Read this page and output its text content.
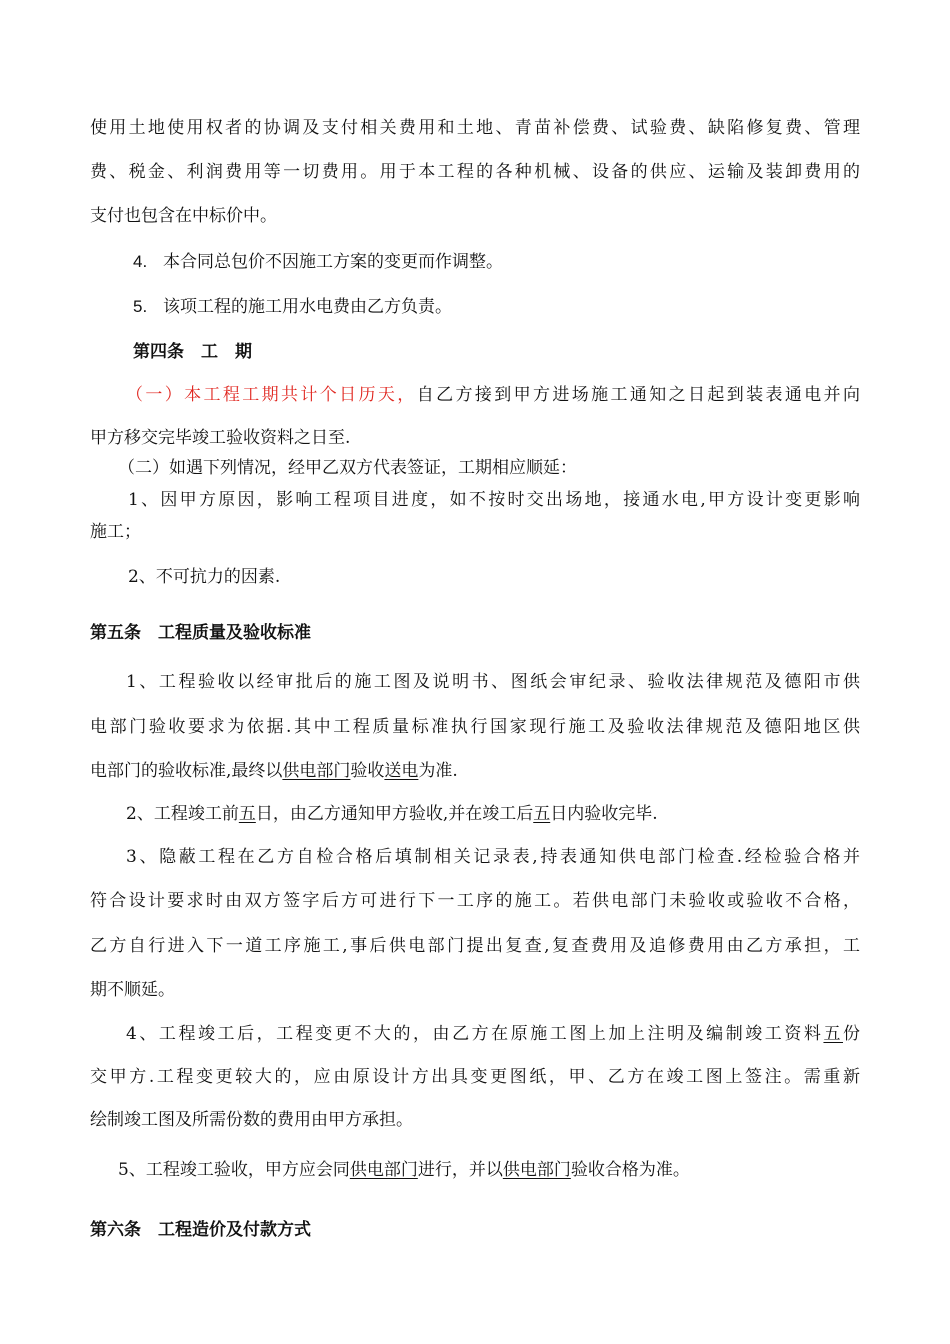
使用土地使用权者的协调及支付相关费用和土地、青苗补偿费、试验费、缺陷修复费、管理
费、税金、利润费用等一切费用。用于本工程的各种机械、设备的供应、运输及装卸费用的
支付也包含在中标价中。
4. 本合同总包价不因施工方案的变更而作调整。
5. 该项工程的施工用水电费由乙方负责。
第四条　工　期
（一）本工程工期共计个日历天，自乙方接到甲方进场施工通知之日起到装表通电并向
甲方移交完毕竣工验收资料之日至.
（二）如遇下列情况，经甲乙双方代表签证，工期相应顺延：
1、因甲方原因，影响工程项目进度，如不按时交出场地，接通水电,甲方设计变更影响
施工；
2、不可抗力的因素.
第五条　工程质量及验收标准
1、工程验收以经审批后的施工图及说明书、图纸会审纪录、验收法律规范及德阳市供
电部门验收要求为依据.其中工程质量标准执行国家现行施工及验收法律规范及德阳地区供
电部门的验收标准,最终以供电部门验收送电为准.
2、工程竣工前五日，由乙方通知甲方验收,并在竣工后五日内验收完毕.
3、隐蔽工程在乙方自检合格后填制相关记录表,持表通知供电部门检查.经检验合格并
符合设计要求时由双方签字后方可进行下一工序的施工。若供电部门未验收或验收不合格，
乙方自行进入下一道工序施工,事后供电部门提出复查,复查费用及追修费用由乙方承担，工
期不顺延。
4、工程竣工后，工程变更不大的，由乙方在原施工图上加上注明及编制竣工资料五份
交甲方.工程变更较大的，应由原设计方出具变更图纸，甲、乙方在竣工图上签注。需重新
绘制竣工图及所需份数的费用由甲方承担。
5、工程竣工验收，甲方应会同供电部门进行，并以供电部门验收合格为准。
第六条　工程造价及付款方式
